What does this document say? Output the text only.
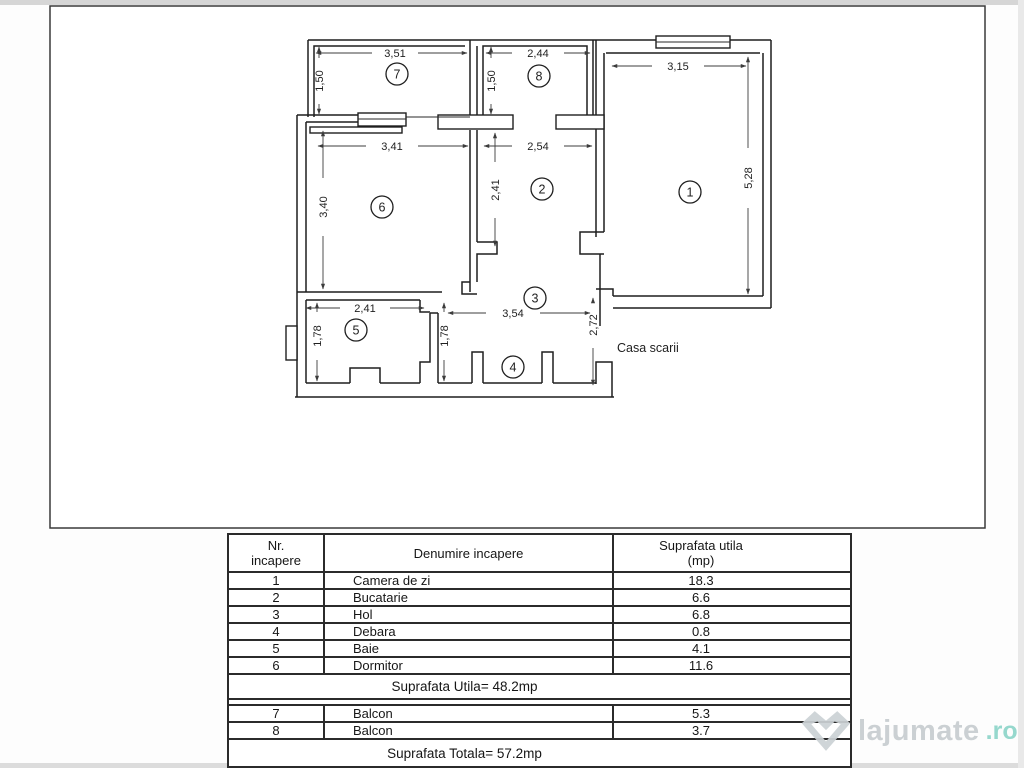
3,51	2,44
3,15
1,50	1,50
5,28
3,41	2,54
3,40
2,41
2,41
1,78	1,78
3,54
2,72
1
2
3
4
5
6
7	8
Casa scarii
Nr.
incapere	Denumire incapere	Suprafata utila
(mp)
1	Camera de zi	18.3
2	Bucatarie	6.6
3	Hol	6.8
4	Debara	0.8
5	Baie	4.1
6	Dormitor	11.6
Suprafata Utila= 48.2mp
7	Balcon	5.3
8	Balcon	3.7
Suprafata Totala= 57.2mp
lajumate .ro
